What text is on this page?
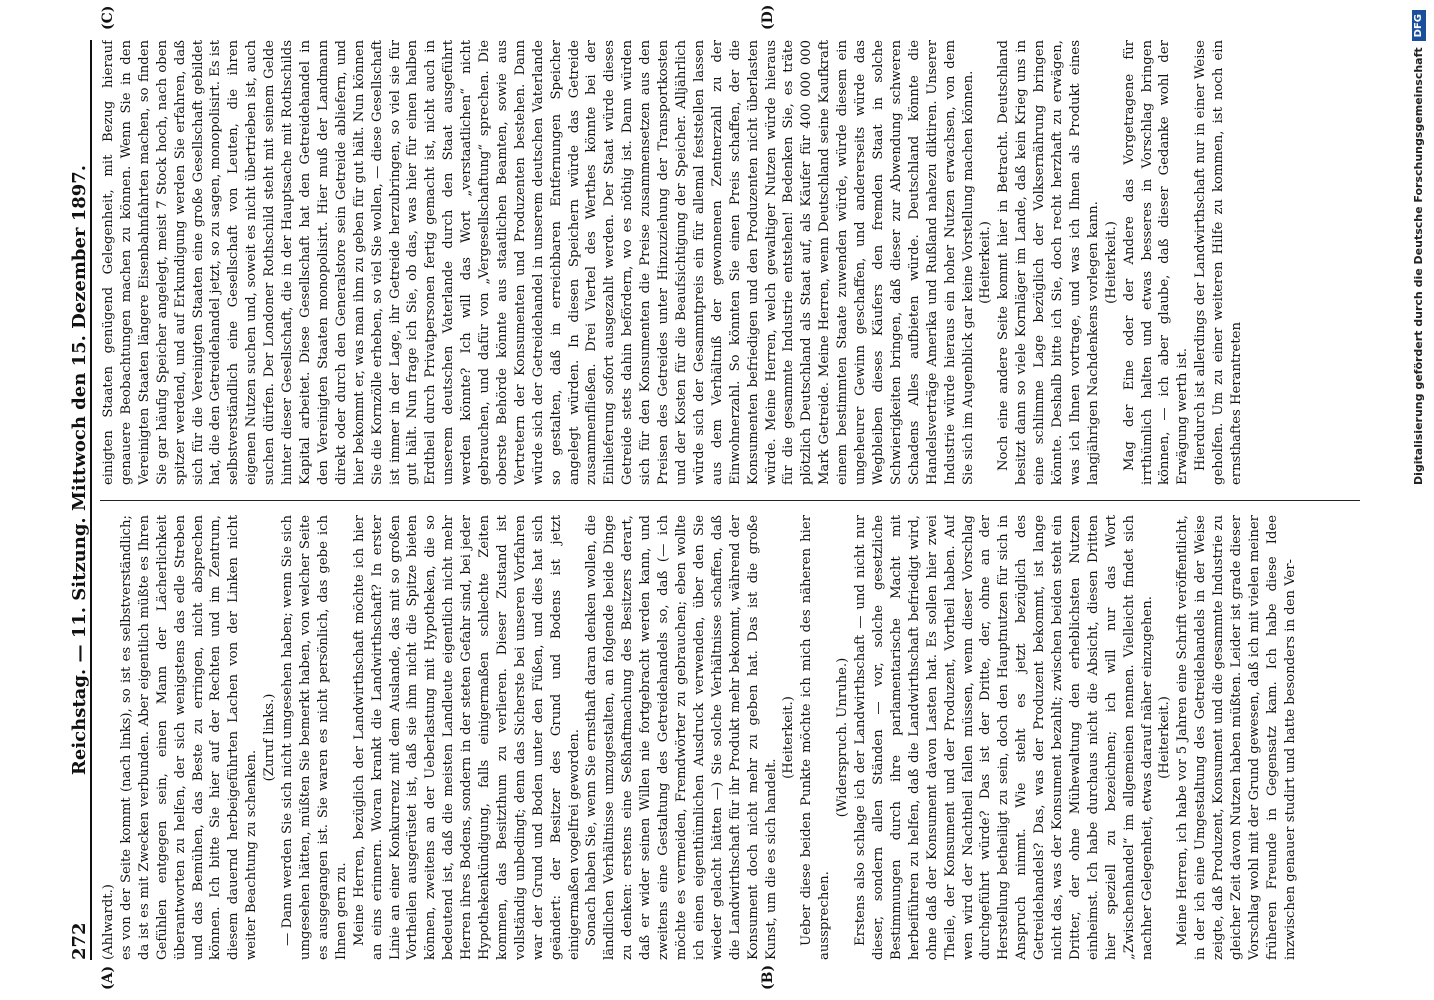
272
Reichstag. — 11. Sitzung. Mittwoch den 15. Dezember 1897.
(A)	(B)
(C)	(D)

(Ahlwardt.) es von der Seite kommt (nach links), so ist es selbstverständlich; da ist es mit Zwecken verbunden. Aber eigentlich müßte es Ihren Gefühlen entgegen sein, einen Mann der Lächerlichkeit überantworten zu helfen, der sich wenigstens das edle Streben und das Bemühen, das Beste zu erringen, nicht absprechen können. Ich bitte Sie hier auf der Rechten und im Zentrum, diesem dauernd herbeigeführten Lachen von der Linken nicht weiter Beachtung zu schenken.

(Zuruf links.) — Dann werden Sie sich nicht umgesehen haben; wenn Sie sich umgesehen hätten, müßten Sie bemerkt haben, von welcher Seite es ausgegangen ist. Sie waren es nicht persönlich, das gebe ich Ihnen gern zu. Meine Herren, bezüglich der Landwirthschaft möchte ich hier an eins erinnern. Woran krankt die Landwirthschaft? In erster Linie an einer Konkurrenz mit dem Auslande, das mit so großen Vortheilen ausgerüstet ist, daß sie ihm nicht die Spitze bieten können, zweitens an der Ueberlastung mit Hypotheken, die so bedeutend ist, daß die meisten Landleute eigentlich nicht mehr Herren ihres Bodens, sondern in der steten Gefahr sind, bei jeder Hypothekenkündigung, falls einigermaßen schlechte Zeiten kommen, das Besitzthum zu verlieren. Dieser Zustand ist vollständig unbedingt; denn das Sicherste bei unseren Vorfahren war der Grund und Boden unter den Füßen, und dies hat sich geändert: der Besitzer des Grund und Bodens ist jetzt einigermaßen vogelfrei geworden. Sonach haben Sie, wenn Sie ernsthaft daran denken wollen, die ländlichen Verhältnisse umzugestalten, an folgende beide Dinge zu denken: erstens eine Seßhaftmachung des Besitzers derart, daß er wider seinen Willen nie fortgebracht werden kann, und zweitens eine Gestaltung des Getreidehandels so, daß (— ich möchte es vermeiden, Fremdwörter zu gebrauchen; eben wollte ich einen eigenthümlichen Ausdruck verwenden, über den Sie wieder gelacht hätten —) Sie solche Verhältnisse schaffen, daß die Landwirthschaft für ihr Produkt mehr bekommt, während der Konsument doch nicht mehr zu geben hat. Das ist die große Kunst, um die es sich handelt.

(Heiterkeit.) Ueber diese beiden Punkte möchte ich mich des näheren hier aussprechen.

(Widerspruch. Unruhe.) Erstens also schlage ich der Landwirthschaft — und nicht nur dieser, sondern allen Ständen — vor, solche gesetzliche Bestimmungen durch ihre parlamentarische Macht mit herbeiführen zu helfen, daß die Landwirthschaft befriedigt wird, ohne daß der Konsument davon Lasten hat. Es sollen hier zwei Theile, der Konsument und der Produzent, Vortheil haben. Auf wen wird der Nachtheil fallen müssen, wenn dieser Vorschlag durchgeführt würde? Das ist der Dritte, der, ohne an der Herstellung betheiligt zu sein, doch den Hauptnutzen für sich in Anspruch nimmt. Wie steht es jetzt bezüglich des Getreidehandels? Das, was der Produzent bekommt, ist lange nicht das, was der Konsument bezahlt; zwischen beiden steht ein Dritter, der ohne Mühewaltung den erheblichsten Nutzen einheimst. Ich habe durchaus nicht die Absicht, diesen Dritten hier speziell zu bezeichnen; ich will nur das Wort „Zwischenhandel“ im allgemeinen nennen. Vielleicht findet sich nachher Gelegenheit, etwas darauf näher einzugehen. (Heiterkeit.) Meine Herren, ich habe vor 5 Jahren eine Schrift veröffentlicht, in der ich eine Umgestaltung des Getreidehandels in der Weise zeigte, daß Produzent, Konsument und die gesammte Industrie zu gleicher Zeit davon Nutzen haben müßten. Leider ist grade dieser Vorschlag wohl mit der Grund gewesen, daß ich mit vielen meiner früheren Freunde in Gegensatz kam. Ich habe diese Idee inzwischen genauer studirt und hatte besonders in den Ver-

einigten Staaten genügend Gelegenheit, mit Bezug hierauf genauere Beobachtungen machen zu können. Wenn Sie in den Vereinigten Staaten längere Eisenbahnfahrten machen, so finden Sie gar häufig Speicher angelegt, meist 7 Stock hoch, nach oben spitzer werdend, und auf Erkundigung werden Sie erfahren, daß sich für die Vereinigten Staaten eine große Gesellschaft gebildet hat, die den Getreidehandel jetzt, so zu sagen, monopolisirt. Es ist selbstverständlich eine Gesellschaft von Leuten, die ihren eigenen Nutzen suchen und, soweit es nicht übertrieben ist, auch suchen dürfen. Der Londoner Rothschild steht mit seinem Gelde hinter dieser Gesellschaft, die in der Hauptsache mit Rothschilds Kapital arbeitet. Diese Gesellschaft hat den Getreidehandel in den Vereinigten Staaten monopolisirt. Hier muß der Landmann direkt oder durch den Generalstore sein Getreide abliefern, und hier bekommt er, was man ihm zu geben für gut hält. Nun können Sie die Kornzölle erheben, so viel Sie wollen, — diese Gesellschaft ist immer in der Lage, ihr Getreide herzubringen, so viel sie für gut hält. Nun frage ich Sie, ob das, was hier für einen halben Erdtheil durch Privatpersonen fertig gemacht ist, nicht auch in unserem deutschen Vaterlande durch den Staat ausgeführt werden könnte? Ich will das Wort „verstaatlichen“ nicht gebrauchen, und dafür von „Vergesellschaftung“ sprechen. Die oberste Behörde könnte aus staatlichen Beamten, sowie aus Vertretern der Konsumenten und Produzenten bestehen. Dann würde sich der Getreidehandel in unserem deutschen Vaterlande so gestalten, daß in erreichbaren Entfernungen Speicher angelegt würden. In diesen Speichern würde das Getreide zusammenfließen. Drei Viertel des Werthes könnte bei der Einlieferung sofort ausgezahlt werden. Der Staat würde dieses Getreide stets dahin befördern, wo es nöthig ist. Dann würden sich für den Konsumenten die Preise zusammensetzen aus den Preisen des Getreides unter Hinzuziehung der Transportkosten und der Kosten für die Beaufsichtigung der Speicher. Alljährlich würde sich der Gesammtpreis ein für allemal feststellen lassen aus dem Verhältniß der gewonnenen Zentnerzahl zu der Einwohnerzahl. So könnten Sie einen Preis schaffen, der die Konsumenten befriedigen und den Produzenten nicht überlasten würde. Meine Herren, welch gewaltiger Nutzen würde hieraus für die gesammte Industrie entstehen! Bedenken Sie, es träte plötzlich Deutschland als Staat auf, als Käufer für 400 000 000 Mark Getreide. Meine Herren, wenn Deutschland seine Kaufkraft einem bestimmten Staate zuwenden würde, würde diesem ein ungeheurer Gewinn geschaffen, und andererseits würde das Wegbleiben dieses Käufers den fremden Staat in solche Schwierigkeiten bringen, daß dieser zur Abwendung schweren Schadens Alles aufbieten würde. Deutschland könnte die Handelsverträge Amerika und Rußland nahezu diktiren. Unserer Industrie würde hieraus ein hoher Nutzen erwachsen, von dem Sie sich im Augenblick gar keine Vorstellung machen können. (Heiterkeit.) Noch eine andere Seite kommt hier in Betracht. Deutschland besitzt dann so viele Kornläger im Lande, daß kein Krieg uns in eine schlimme Lage bezüglich der Volksernährung bringen könnte. Deshalb bitte ich Sie, doch recht herzhaft zu erwägen, was ich Ihnen vortrage, und was ich Ihnen als Produkt eines langjährigen Nachdenkens vorlegen kann. (Heiterkeit.) Mag der Eine oder der Andere das Vorgetragene für irrthümlich halten und etwas besseres in Vorschlag bringen können, — ich aber glaube, daß dieser Gedanke wohl der Erwägung werth ist. Hierdurch ist allerdings der Landwirthschaft nur in einer Weise geholfen. Um zu einer weiteren Hilfe zu kommen, ist noch ein ernsthaftes Herantreten	Digitalisierung gefördert durch die Deutsche ForschungsgemeinschaftDFG
